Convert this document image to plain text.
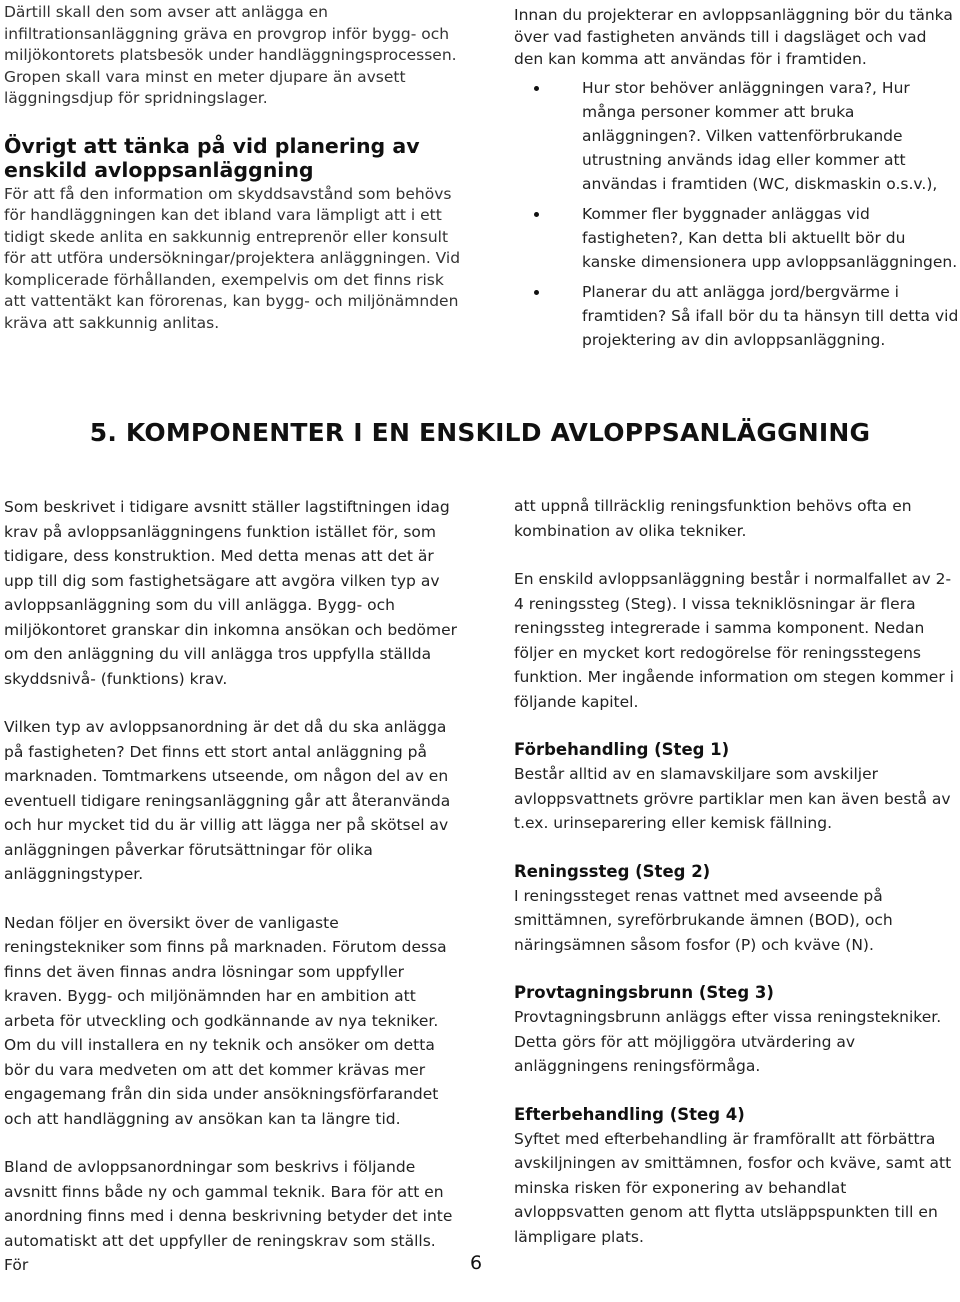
Därtill skall den som avser att anlägga en infiltrationsanläggning gräva en provgrop inför bygg- och miljökontorets platsbesök under handläggningsprocessen. Gropen skall vara minst en meter djupare än avsett läggningsdjup för spridningslager.

Övrigt att tänka på vid planering av enskild avloppsanläggning

För att få den information om skyddsavstånd som behövs för handläggningen kan det ibland vara lämpligt att i ett tidigt skede anlita en sakkunnig entreprenör eller konsult för att utföra undersökningar/projektera anläggningen. Vid komplicerade förhållanden, exempelvis om det finns risk att vattentäkt kan förorenas, kan bygg- och miljönämnden kräva att sakkunnig anlitas.

Innan du projekterar en avloppsanläggning bör du tänka över vad fastigheten används till i dagsläget och vad den kan komma att användas för i framtiden.

Hur stor behöver anläggningen vara?, Hur många personer kommer att bruka anläggningen?. Vilken vattenförbrukande utrustning används idag eller kommer att användas i framtiden (WC, diskmaskin o.s.v.),
Kommer fler byggnader anläggas vid fastigheten?, Kan detta bli aktuellt bör du kanske dimensionera upp avloppsanläggningen.
Planerar du att anlägga jord/bergvärme i framtiden? Så ifall bör du ta hänsyn till detta vid projektering av din avloppsanläggning.
5. KOMPONENTER I EN ENSKILD AVLOPPSANLÄGGNING

Som beskrivet i tidigare avsnitt ställer lagstiftningen idag krav på avloppsanläggningens funktion istället för, som tidigare, dess konstruktion. Med detta menas att det är upp till dig som fastighetsägare att avgöra vilken typ av avloppsanläggning som du vill anlägga. Bygg- och miljökontoret granskar din inkomna ansökan och bedömer om den anläggning du vill anlägga tros uppfylla ställda skyddsnivå- (funktions) krav.

Vilken typ av avloppsanordning är det då du ska anlägga på fastigheten? Det finns ett stort antal anläggning på marknaden. Tomtmarkens utseende, om någon del av en eventuell tidigare reningsanläggning går att återanvända och hur mycket tid du är villig att lägga ner på skötsel av anläggningen påverkar förutsättningar för olika anläggningstyper.

Nedan följer en översikt över de vanligaste reningstekniker som finns på marknaden. Förutom dessa finns det även finnas andra lösningar som uppfyller kraven. Bygg- och miljönämnden har en ambition att arbeta för utveckling och godkännande av nya tekniker. Om du vill installera en ny teknik och ansöker om detta bör du vara medveten om att det kommer krävas mer engagemang från din sida under ansökningsförfarandet och att handläggning av ansökan kan ta längre tid.

Bland de avloppsanordningar som beskrivs i följande avsnitt finns både ny och gammal teknik. Bara för att en anordning finns med i denna beskrivning betyder det inte automatiskt att det uppfyller de reningskrav som ställs. För

att uppnå tillräcklig reningsfunktion behövs ofta en kombination av olika tekniker.

En enskild avloppsanläggning består i normalfallet av 2-4 reningssteg (Steg). I vissa tekniklösningar är flera reningssteg integrerade i samma komponent. Nedan följer en mycket kort redogörelse för reningsstegens funktion. Mer ingående information om stegen kommer i följande kapitel.

Förbehandling (Steg 1)

Består alltid av en slamavskiljare som avskiljer avloppsvattnets grövre partiklar men kan även bestå av t.ex. urinseparering eller kemisk fällning.

Reningssteg (Steg 2)

I reningssteget renas vattnet med avseende på smittämnen, syreförbrukande ämnen (BOD), och näringsämnen såsom fosfor (P) och kväve (N).

Provtagningsbrunn (Steg 3)

Provtagningsbrunn anläggs efter vissa reningstekniker. Detta görs för att möjliggöra utvärdering av anläggningens reningsförmåga.

Efterbehandling (Steg 4)

Syftet med efterbehandling är framförallt att förbättra avskiljningen av smittämnen, fosfor och kväve, samt att minska risken för exponering av behandlat avloppsvatten genom att flytta utsläppspunkten till en lämpligare plats.

6
